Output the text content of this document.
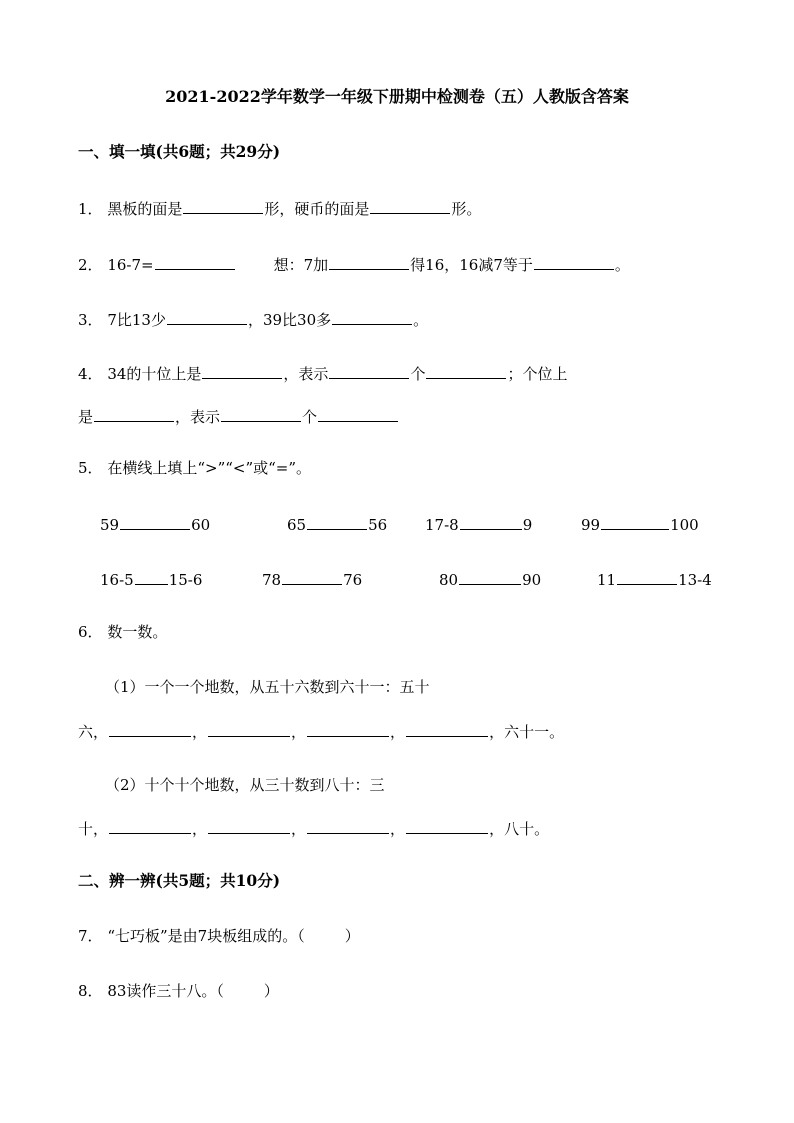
2021-2022学年数学一年级下册期中检测卷（五）人教版含答案
一、填一填(共6题；共29分)
1． 黑板的面是	形，硬币的面是	形。
2． 16-7=	想：7加	得16，16减7等于	。
3． 7比13少	，39比30多	。
4． 34的十位上是	，表示	个	；个位上
是	，表示	个
5． 在横线上填上“>”“<”或“=”。
59	60	65	56	17-8	9	99	100
16-5 15-6	78	76	80	90	11	13-4
6． 数一数。
（1）一个一个地数，从五十六数到六十一：五十
六，	，	，	，	，六十一。
（2）十个十个地数，从三十数到八十：三
十，	，	，	，	，八十。
二、辨一辨(共5题；共10分)
7． “七巧板”是由7块板组成的。（	）
8． 83读作三十八。（	）
